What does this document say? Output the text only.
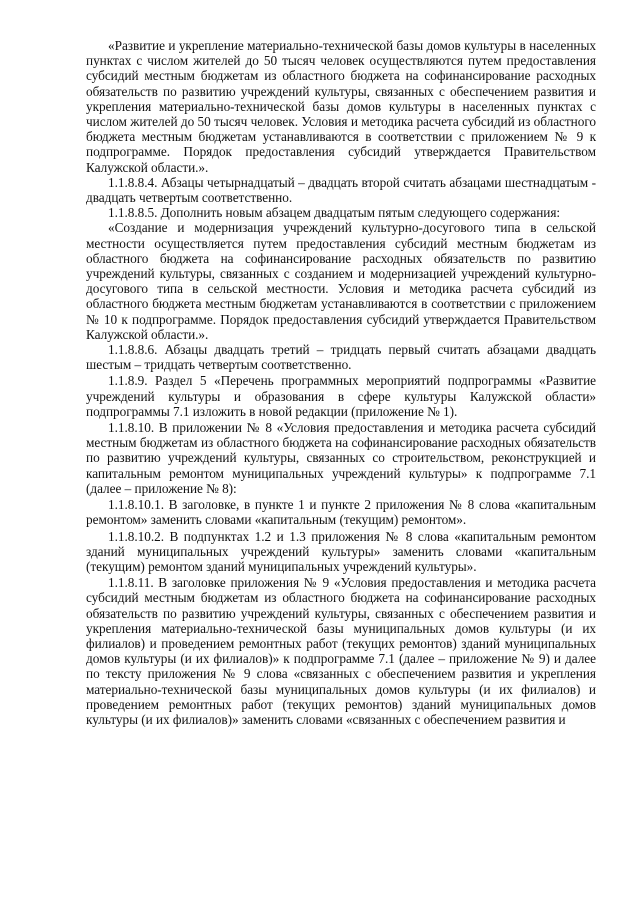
«Развитие и укрепление материально-технической базы домов культуры в населенных пунктах с числом жителей до 50 тысяч человек осуществляются путем предоставления субсидий местным бюджетам из областного бюджета на софинансирование расходных обязательств по развитию учреждений культуры, связанных с обеспечением развития и укрепления материально-технической базы домов культуры в населенных пунктах с числом жителей до 50 тысяч человек. Условия и методика расчета субсидий из областного бюджета местным бюджетам устанавливаются в соответствии с приложением № 9 к подпрограмме. Порядок предоставления субсидий утверждается Правительством Калужской области.».

1.1.8.8.4. Абзацы четырнадцатый – двадцать второй считать абзацами шестнадцатым - двадцать четвертым соответственно.

1.1.8.8.5. Дополнить новым абзацем двадцатым пятым следующего содержания:

«Создание и модернизация учреждений культурно-досугового типа в сельской местности осуществляется путем предоставления субсидий местным бюджетам из областного бюджета на софинансирование расходных обязательств по развитию учреждений культуры, связанных с созданием и модернизацией учреждений культурно-досугового типа в сельской местности. Условия и методика расчета субсидий из областного бюджета местным бюджетам устанавливаются в соответствии с приложением № 10 к подпрограмме. Порядок предоставления субсидий утверждается Правительством Калужской области.».

1.1.8.8.6. Абзацы двадцать третий – тридцать первый считать абзацами двадцать шестым – тридцать четвертым соответственно.

1.1.8.9. Раздел 5 «Перечень программных мероприятий подпрограммы «Развитие учреждений культуры и образования в сфере культуры Калужской области» подпрограммы 7.1 изложить в новой редакции (приложение № 1).

1.1.8.10. В приложении № 8 «Условия предоставления и методика расчета субсидий местным бюджетам из областного бюджета на софинансирование расходных обязательств по развитию учреждений культуры, связанных со строительством, реконструкцией и капитальным ремонтом муниципальных учреждений культуры» к подпрограмме 7.1 (далее – приложение № 8):

1.1.8.10.1. В заголовке, в пункте 1 и пункте 2 приложения № 8 слова «капитальным ремонтом» заменить словами «капитальным (текущим) ремонтом».

1.1.8.10.2. В подпунктах 1.2 и 1.3 приложения № 8 слова «капитальным ремонтом зданий муниципальных учреждений культуры» заменить словами «капитальным (текущим) ремонтом зданий муниципальных учреждений культуры».

1.1.8.11. В заголовке приложения № 9 «Условия предоставления и методика расчета субсидий местным бюджетам из областного бюджета на софинансирование расходных обязательств по развитию учреждений культуры, связанных с обеспечением развития и укрепления материально-технической базы муниципальных домов культуры (и их филиалов) и проведением ремонтных работ (текущих ремонтов) зданий муниципальных домов культуры (и их филиалов)» к подпрограмме 7.1 (далее – приложение № 9) и далее по тексту приложения № 9 слова «связанных с обеспечением развития и укрепления материально-технической базы муниципальных домов культуры (и их филиалов) и проведением ремонтных работ (текущих ремонтов) зданий муниципальных домов культуры (и их филиалов)» заменить словами «связанных с обеспечением развития и
